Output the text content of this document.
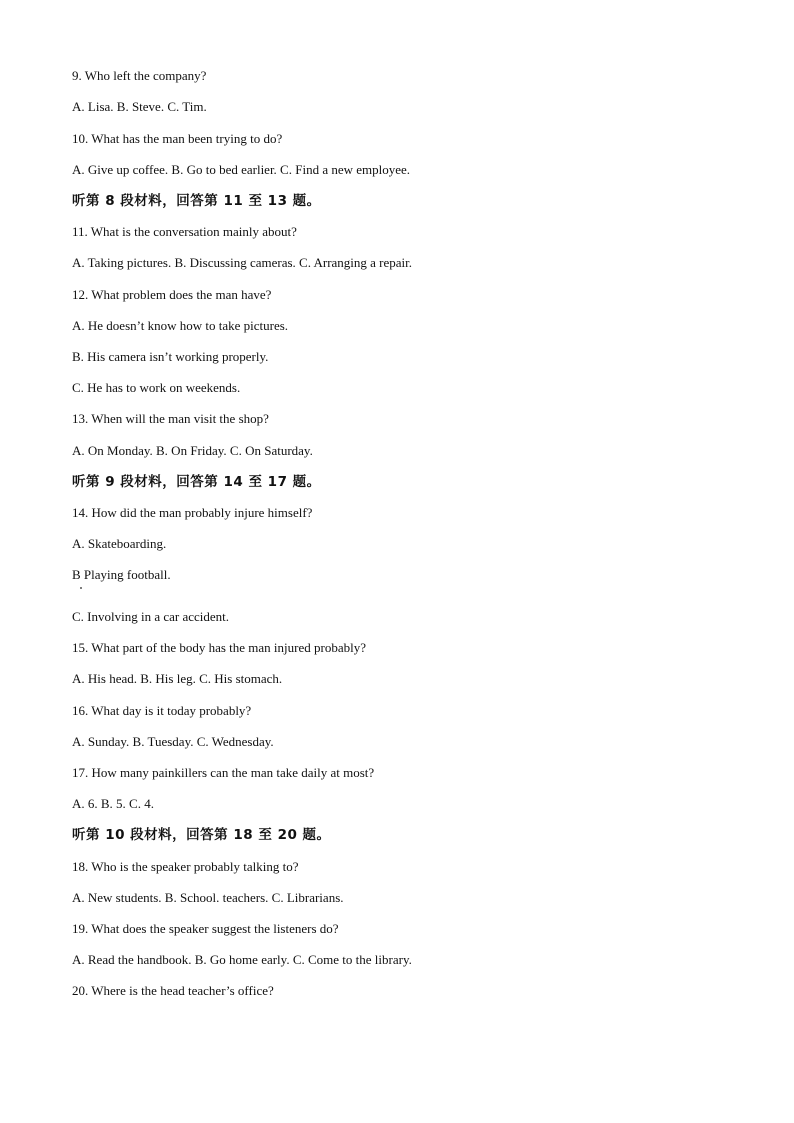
9. Who left the company?
A. Lisa. B. Steve. C. Tim.
10. What has the man been trying to do?
A. Give up coffee. B. Go to bed earlier. C. Find a new employee.
听第 8 段材料，回答第 11 至 13 题。
11. What is the conversation mainly about?
A. Taking pictures. B. Discussing cameras. C. Arranging a repair.
12. What problem does the man have?
A. He doesn’t know how to take pictures.
B. His camera isn’t working properly.
C. He has to work on weekends.
13. When will the man visit the shop?
A. On Monday. B. On Friday. C. On Saturday.
听第 9 段材料，回答第 14 至 17 题。
14. How did the man probably injure himself?
A. Skateboarding.
B Playing football.
C. Involving in a car accident.
15. What part of the body has the man injured probably?
A. His head. B. His leg. C. His stomach.
16. What day is it today probably?
A. Sunday. B. Tuesday. C. Wednesday.
17. How many painkillers can the man take daily at most?
A. 6. B. 5. C. 4.
听第 10 段材料，回答第 18 至 20 题。
18. Who is the speaker probably talking to?
A. New students. B. School. teachers. C. Librarians.
19. What does the speaker suggest the listeners do?
A. Read the handbook. B. Go home early. C. Come to the library.
20. Where is the head teacher’s office?
